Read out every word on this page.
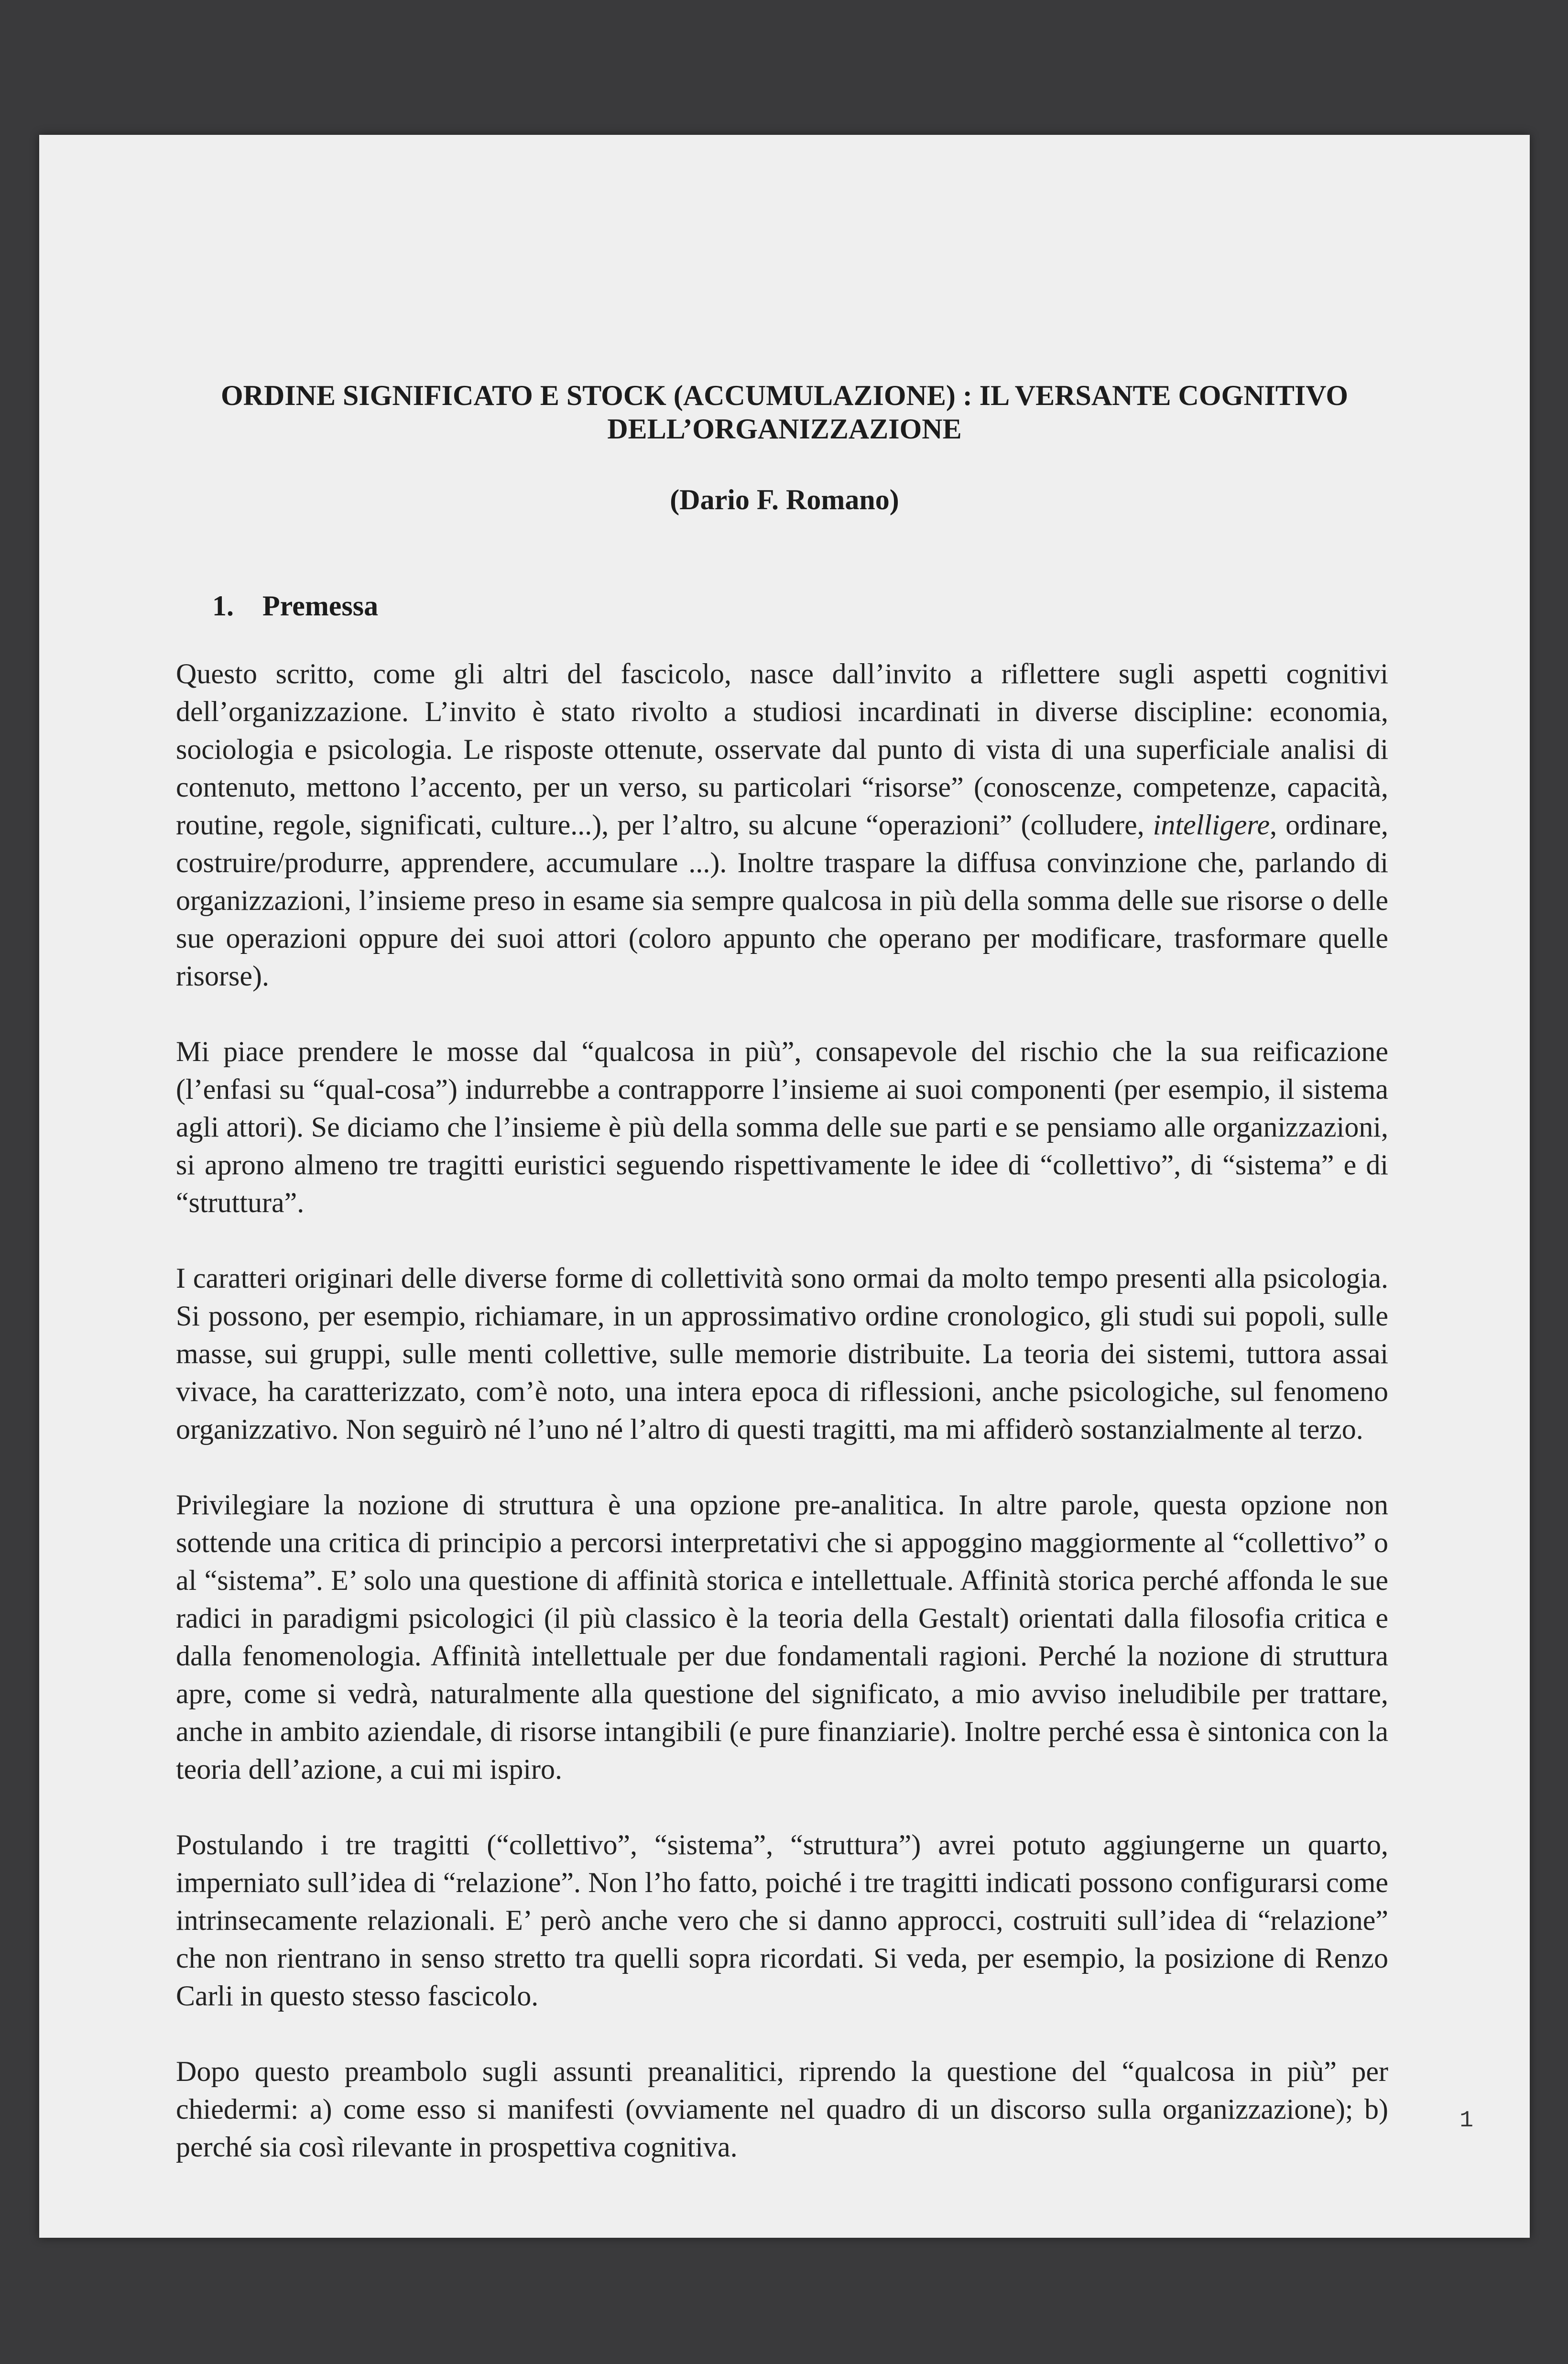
ORDINE SIGNIFICATO E STOCK (ACCUMULAZIONE) : IL VERSANTE COGNITIVO
DELL’ORGANIZZAZIONE

(Dario F. Romano)

1. Premessa

Questo scritto, come gli altri del fascicolo, nasce dall’invito a riflettere sugli aspetti cognitivi dell’organizzazione. L’invito è stato rivolto a studiosi incardinati in diverse discipline: economia, sociologia e psicologia. Le risposte ottenute, osservate dal punto di vista di una superficiale analisi di contenuto, mettono l’accento, per un verso, su particolari “risorse” (conoscenze, competenze, capacità, routine, regole, significati, culture...), per l’altro, su alcune “operazioni” (colludere, intelligere, ordinare, costruire/produrre, apprendere, accumulare ...). Inoltre traspare la diffusa convinzione che, parlando di organizzazioni, l’insieme preso in esame sia sempre qualcosa in più della somma delle sue risorse o delle sue operazioni oppure dei suoi attori (coloro appunto che operano per modificare, trasformare quelle risorse).

Mi piace prendere le mosse dal “qualcosa in più”, consapevole del rischio che la sua reificazione (l’enfasi su “qual-cosa”) indurrebbe a contrapporre l’insieme ai suoi componenti (per esempio, il sistema agli attori). Se diciamo che l’insieme è più della somma delle sue parti e se pensiamo alle organizzazioni, si aprono almeno tre tragitti euristici seguendo rispettivamente le idee di “collettivo”, di “sistema” e di “struttura”.

I caratteri originari delle diverse forme di collettività sono ormai da molto tempo presenti alla psicologia. Si possono, per esempio, richiamare, in un approssimativo ordine cronologico, gli studi sui popoli, sulle masse, sui gruppi, sulle menti collettive, sulle memorie distribuite. La teoria dei sistemi, tuttora assai vivace, ha caratterizzato, com’è noto, una intera epoca di riflessioni, anche psicologiche, sul fenomeno organizzativo. Non seguirò né l’uno né l’altro di questi tragitti, ma mi affiderò sostanzialmente al terzo.

Privilegiare la nozione di struttura è una opzione pre-analitica. In altre parole, questa opzione non sottende una critica di principio a percorsi interpretativi che si appoggino maggiormente al “collettivo” o al “sistema”. E’ solo una questione di affinità storica e intellettuale. Affinità storica perché affonda le sue radici in paradigmi psicologici (il più classico è la teoria della Gestalt) orientati dalla filosofia critica e dalla fenomenologia. Affinità intellettuale per due fondamentali ragioni. Perché la nozione di struttura apre, come si vedrà, naturalmente alla questione del significato, a mio avviso ineludibile per trattare, anche in ambito aziendale, di risorse intangibili (e pure finanziarie). Inoltre perché essa è sintonica con la teoria dell’azione, a cui mi ispiro.

Postulando i tre tragitti (“collettivo”, “sistema”, “struttura”) avrei potuto aggiungerne un quarto, imperniato sull’idea di “relazione”. Non l’ho fatto, poiché i tre tragitti indicati possono configurarsi come intrinsecamente relazionali. E’ però anche vero che si danno approcci, costruiti sull’idea di “relazione” che non rientrano in senso stretto tra quelli sopra ricordati. Si veda, per esempio, la posizione di Renzo Carli in questo stesso fascicolo.

Dopo questo preambolo sugli assunti preanalitici, riprendo la questione del “qualcosa in più” per chiedermi: a) come esso si manifesti (ovviamente nel quadro di un discorso sulla organizzazione); b) perché sia così rilevante in prospettiva cognitiva.

1
